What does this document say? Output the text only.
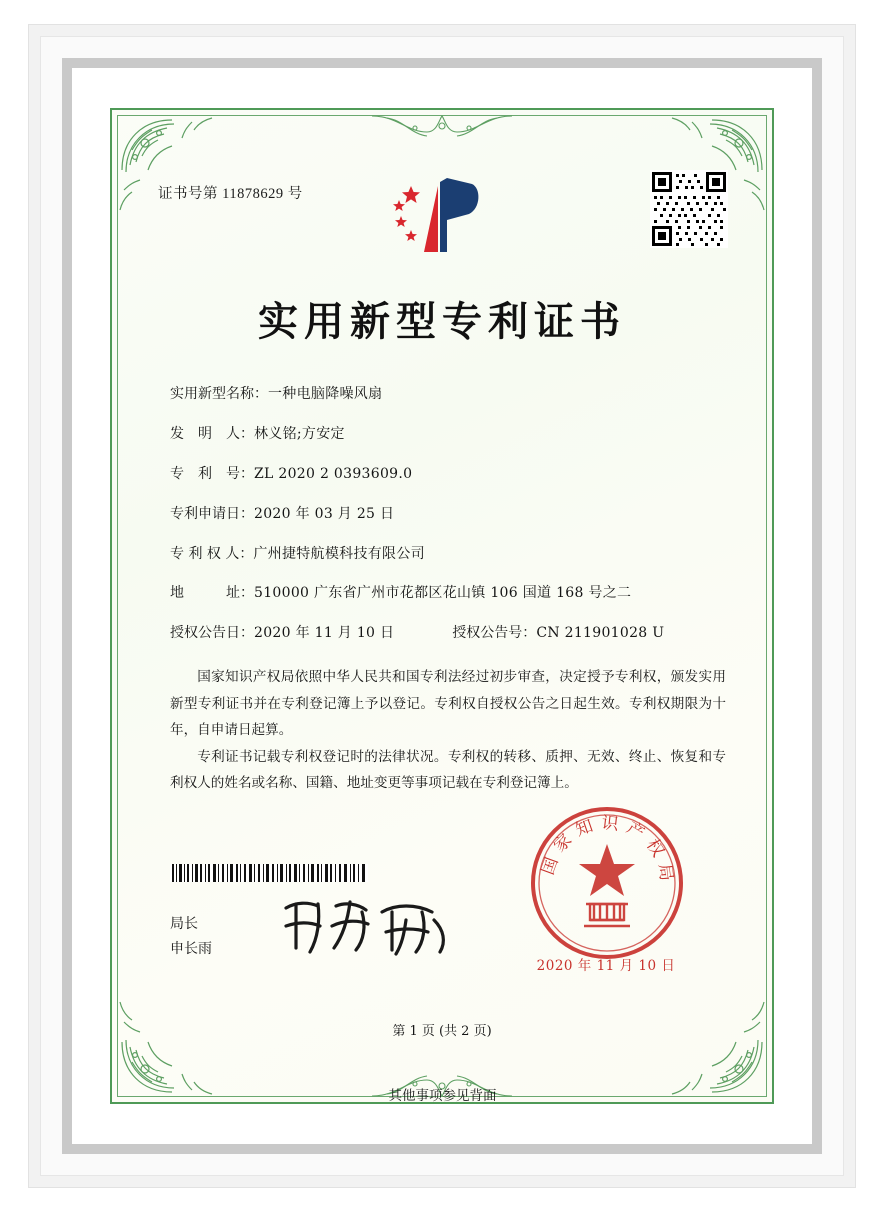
证书号第 11878629 号
实用新型专利证书
实用新型名称： 一种电脑降噪风扇
发　明　人： 林义铭;方安定
专　利　号： ZL 2020 2 0393609.0
专利申请日： 2020 年 03 月 25 日
专 利 权 人： 广州捷特航模科技有限公司
地　　　址： 510000 广东省广州市花都区花山镇 106 国道 168 号之二
授权公告日： 2020 年 11 月 10 日	授权公告号： CN 211901028 U
国家知识产权局依照中华人民共和国专利法经过初步审查，决定授予专利权，颁发实用新型专利证书并在专利登记簿上予以登记。专利权自授权公告之日起生效。专利权期限为十年，自申请日起算。
专利证书记载专利权登记时的法律状况。专利权的转移、质押、无效、终止、恢复和专利权人的姓名或名称、国籍、地址变更等事项记载在专利登记簿上。
局长
申长雨
国家知识产权局
2020 年 11 月 10 日
第 1 页 (共 2 页)
其他事项参见背面
